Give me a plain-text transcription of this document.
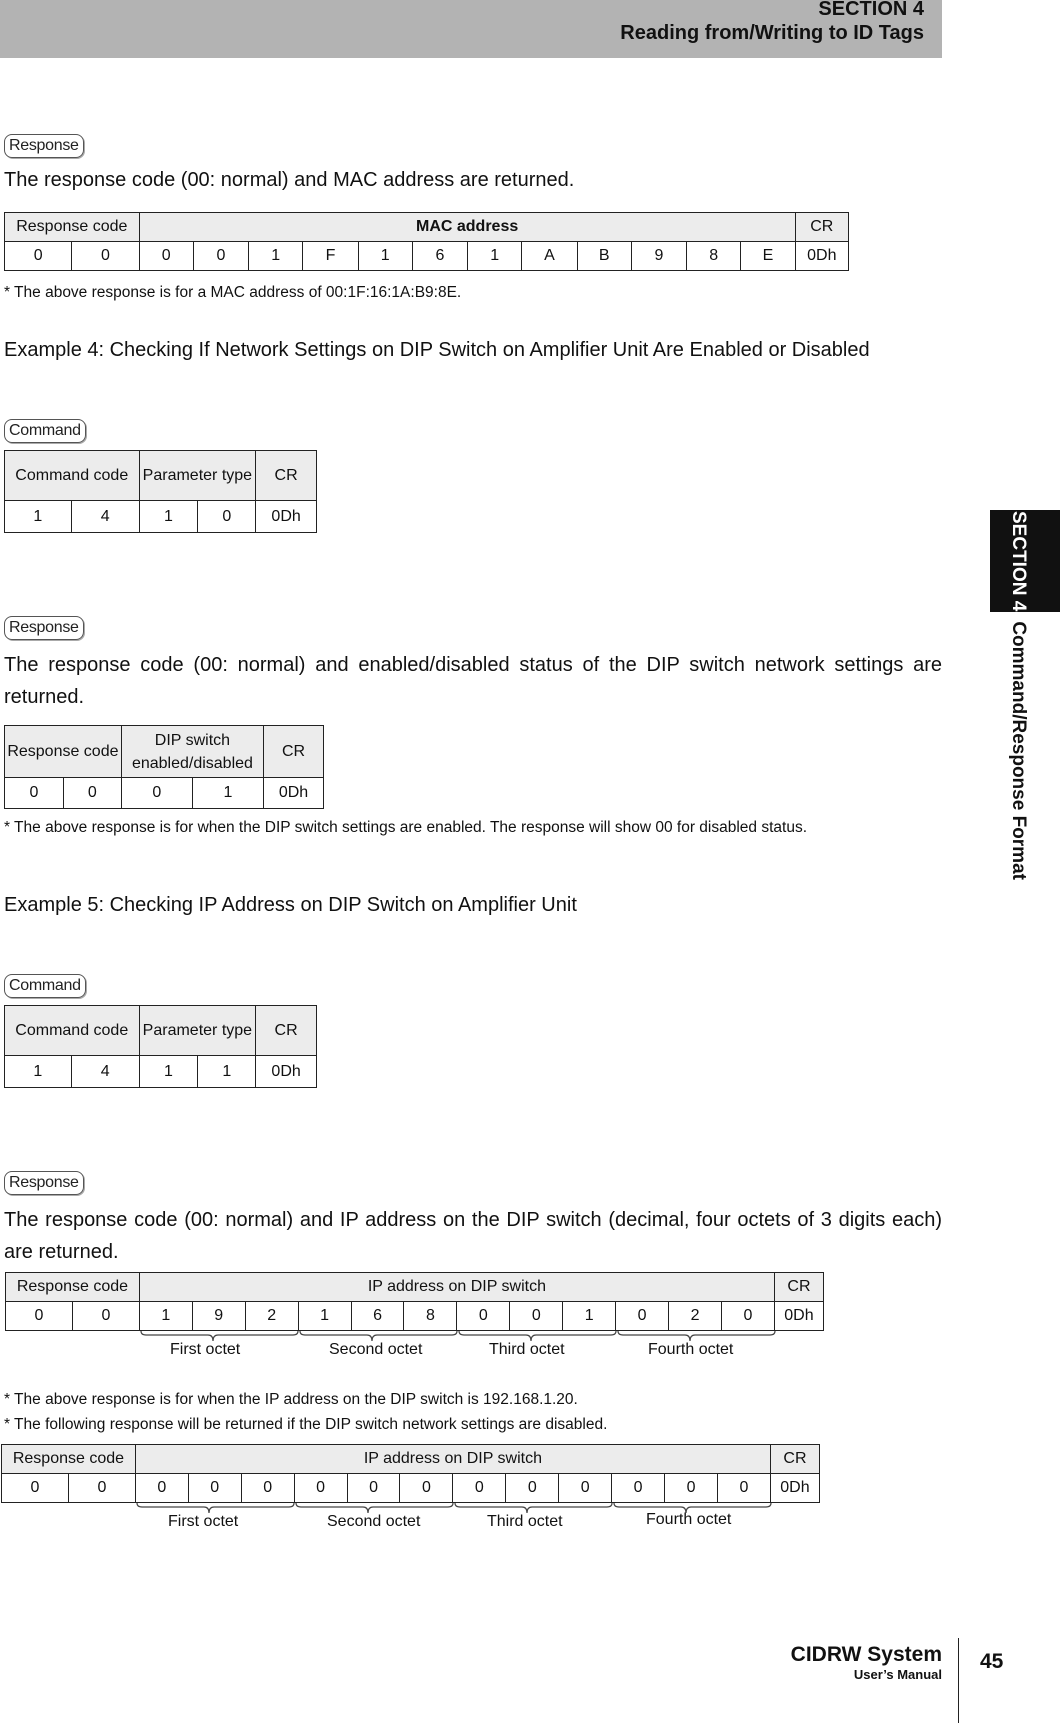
SECTION 4
Reading from/Writing to ID Tags
SECTION 4Command/Response Format
Response

The response code (00: normal) and MAC address are returned.

Response code		MAC address												CR
0	0	0	0	1	F	1	6	1	A	B	9	8	E	0Dh
* The above response is for a MAC address of 00:1F:16:1A:B9:8E.
Example 4: Checking If Network Settings on DIP Switch on Amplifier Unit Are Enabled or Disabled
Command
Command code		Parameter type		CR
1	4	1	0	0Dh
Response

The response code (00: normal) and enabled/disabled status of the DIP switch network settings are returned.

Response code		DIP switch enabled/disabled		CR
0	0	0	1	0Dh
* The above response is for when the DIP switch settings are enabled. The response will show 00 for disabled status.
Example 5: Checking IP Address on DIP Switch on Amplifier Unit
Command
Command code		Parameter type		CR
1	4	1	1	0Dh
Response

The response code (00: normal) and IP address on the DIP switch (decimal, four octets of 3 digits each) are returned.

Response code		IP address on DIP switch												CR
0	0	1	9	2	1	6	8	0	0	1	0	2	0	0Dh
First octet	Second octet	Third octet	Fourth octet
* The above response is for when the IP address on the DIP switch is 192.168.1.20.
* The following response will be returned if the DIP switch network settings are disabled.
Response code		IP address on DIP switch												CR
0	0	0	0	0	0	0	0	0	0	0	0	0	0	0Dh
First octet	Second octet	Third octet	Fourth octet
CIDRW System
User’s Manual
45
